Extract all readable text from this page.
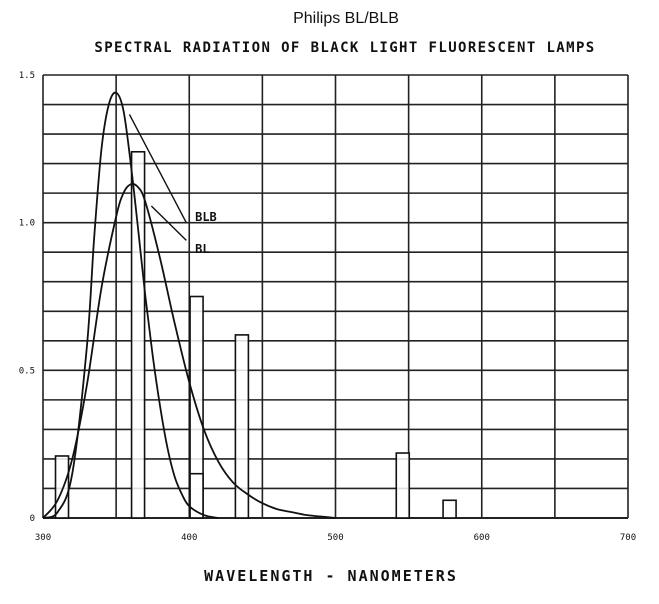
Philips BL/BLB
SPECTRAL RADIATION OF BLACK LIGHT FLUORESCENT LAMPS
300	400	500	600	700
0
0.5
1.0
1.5
BLB
BL
WAVELENGTH - NANOMETERS
